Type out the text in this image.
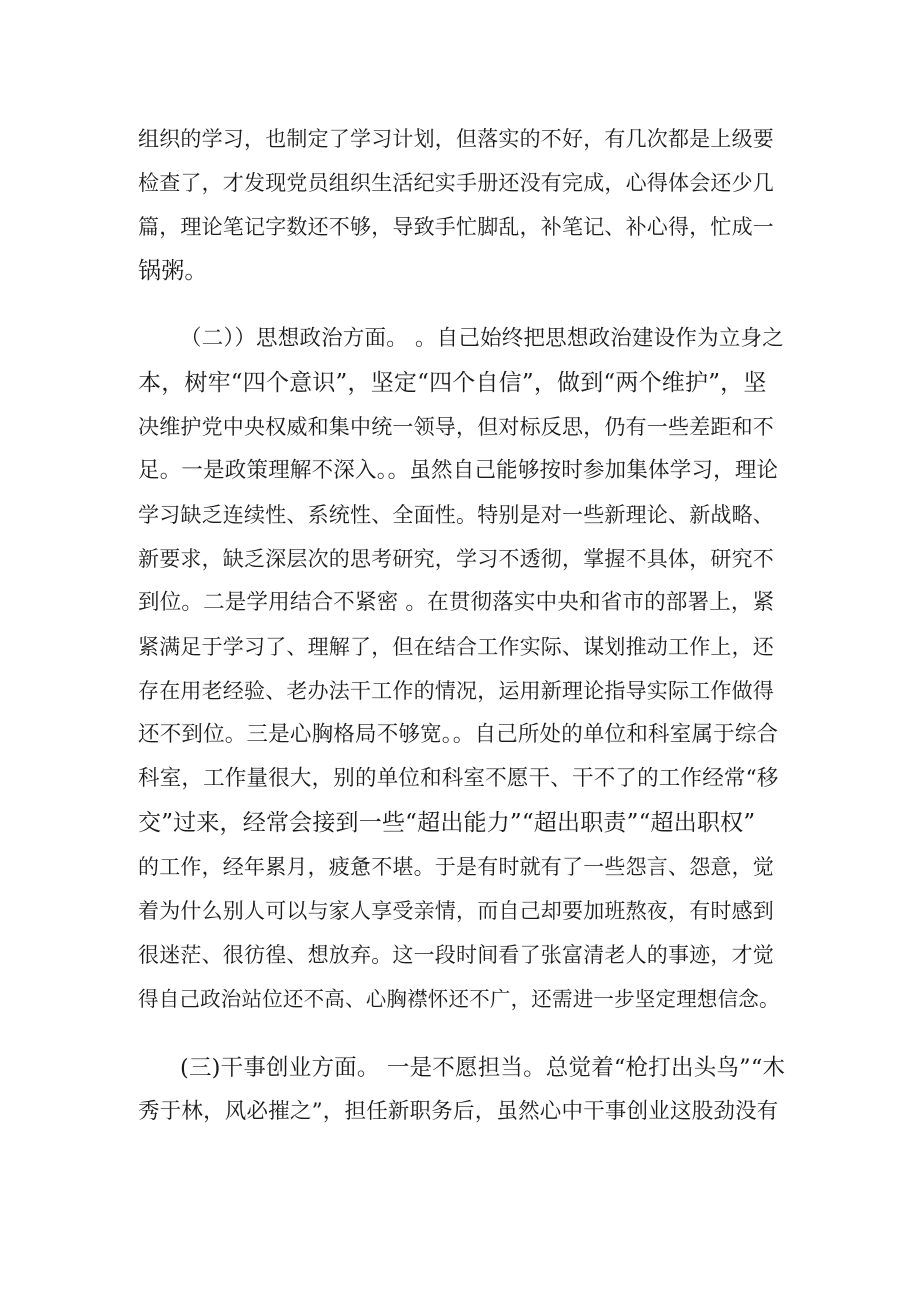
组织的学习，也制定了学习计划，但落实的不好，有几次都是上级要

检查了，才发现党员组织生活纪实手册还没有完成，心得体会还少几

篇，理论笔记字数还不够，导致手忙脚乱，补笔记、补心得，忙成一

锅粥。

（二））思想政治方面。 。自己始终把思想政治建设作为立身之

本，树牢“四个意识”，坚定“四个自信”，做到“两个维护”，坚

决维护党中央权威和集中统一领导，但对标反思，仍有一些差距和不

足。一是政策理解不深入。。虽然自己能够按时参加集体学习，理论

学习缺乏连续性、系统性、全面性。特别是对一些新理论、新战略、

新要求，缺乏深层次的思考研究，学习不透彻，掌握不具体，研究不

到位。二是学用结合不紧密 。在贯彻落实中央和省市的部署上，紧

紧满足于学习了、理解了，但在结合工作实际、谋划推动工作上，还

存在用老经验、老办法干工作的情况，运用新理论指导实际工作做得

还不到位。三是心胸格局不够宽。。自己所处的单位和科室属于综合

科室，工作量很大，别的单位和科室不愿干、干不了的工作经常“移

交”过来，经常会接到一些“超出能力”“超出职责”“超出职权”

的工作，经年累月，疲惫不堪。于是有时就有了一些怨言、怨意，觉

着为什么别人可以与家人享受亲情，而自己却要加班熬夜，有时感到

很迷茫、很彷徨、想放弃。这一段时间看了张富清老人的事迹，才觉

得自己政治站位还不高、心胸襟怀还不广，还需进一步坚定理想信念。

(三)干事创业方面。 一是不愿担当。总觉着“枪打出头鸟”“木

秀于林，风必摧之”，担任新职务后，虽然心中干事创业这股劲没有
